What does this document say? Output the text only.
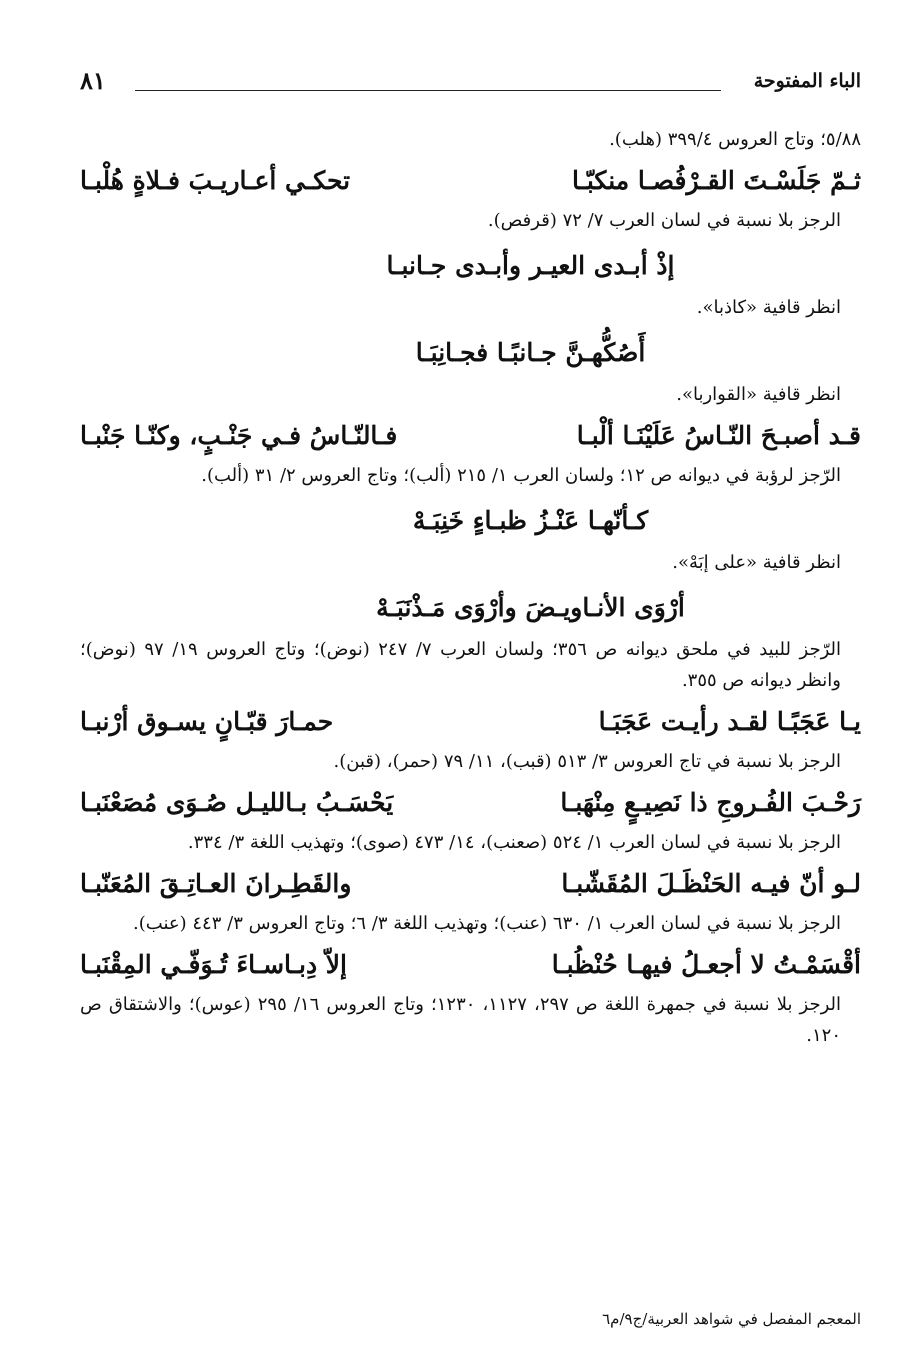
الباء المفتوحة
٨١

٥/٨٨؛ وتاج العروس ٣٩٩/٤ (هلب).

ثـمّ جَلَسْـتَ القـرْفُصـا منكبّـا
تحكـي أعـاريـبَ فـلاةٍ هُلْبـا

الرجز بلا نسبة في لسان العرب ٧/ ٧٢ (قرفص).

إذْ أبـدى العيـر وأبـدى جـانبـا

انظر قافية «كاذبا».

أَصُكُّهـنَّ جـانبًـا فجـانِبَـا

انظر قافية «القواربا».

قـد أصبـحَ النّـاسُ عَلَيْنَـا ألْبـا
فـالنّـاسُ فـي جَنْـبٍ، وكنّـا جَنْبـا

الرّجز لرؤبة في ديوانه ص ١٢؛ ولسان العرب ١/ ٢١٥ (ألب)؛ وتاج العروس ٢/ ٣١ (ألب).

كـأنّهـا عَنْـزُ ظبـاءٍ خَنِبَـهْ

انظر قافية «على إبَهْ».

أرْوَى الأنـاويـضَ وأرْوَى مَـذْنَبَـهْ

الرّجز للبيد في ملحق ديوانه ص ٣٥٦؛ ولسان العرب ٧/ ٢٤٧ (نوض)؛ وتاج العروس ١٩/ ٩٧ (نوض)؛ وانظر ديوانه ص ٣٥٥.

يـا عَجَبًـا لقـد رأيـت عَجَبَـا
حمـارَ قبّـانٍ يسـوق أرْنبـا

الرجز بلا نسبة في تاج العروس ٣/ ٥١٣ (قبب)، ١١/ ٧٩ (حمر)، (قبن).

رَحْـبَ الفُـروجِ ذا نَصِيـعٍ مِنْهَبـا
يَحْسَـبُ بـالليـل صُـوَى مُصَعْنَبـا

الرجز بلا نسبة في لسان العرب ١/ ٥٢٤ (صعنب)، ١٤/ ٤٧٣ (صوى)؛ وتهذيب اللغة ٣/ ٣٣٤.

لـو أنّ فيـه الحَنْظَـلَ المُقَشّبـا
والقَطِـرانَ العـاتِـقَ المُعَنّبـا

الرجز بلا نسبة في لسان العرب ١/ ٦٣٠ (عنب)؛ وتهذيب اللغة ٣/ ٦؛ وتاج العروس ٣/ ٤٤٣ (عنب).

أقْسَمْـتُ لا أجعـلُ فيهـا حُنْظُبـا
إلاّ دِبـاسـاءَ تُـوَفّـي المِقْنَبـا

الرجز بلا نسبة في جمهرة اللغة ص ٢٩٧، ١١٢٧، ١٢٣٠؛ وتاج العروس ١٦/ ٢٩٥ (عوس)؛ والاشتقاق ص ١٢٠.

المعجم المفصل في شواهد العربية/ج٩/م٦
